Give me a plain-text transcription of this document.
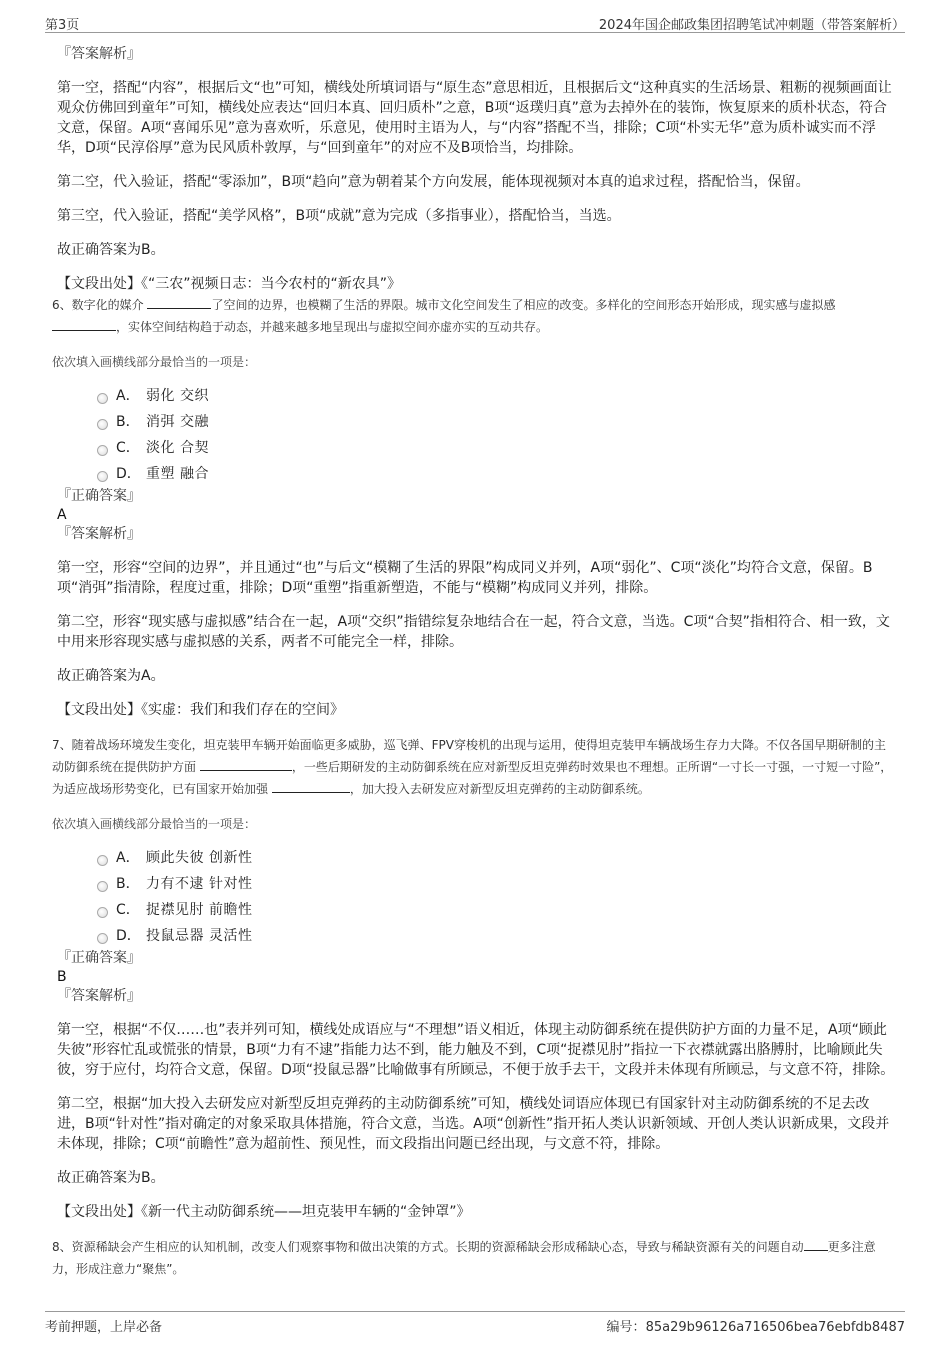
第3页	2024年国企邮政集团招聘笔试冲刺题（带答案解析）

『答案解析』

第一空，搭配“内容”，根据后文“也”可知，横线处所填词语与“原生态”意思相近，且根据后文“这种真实的生活场景、粗粝的视频画面让观众仿佛回到童年”可知，横线处应表达“回归本真、回归质朴”之意，B项“返璞归真”意为去掉外在的装饰，恢复原来的质朴状态，符合文意，保留。A项“喜闻乐见”意为喜欢听，乐意见，使用时主语为人，与“内容”搭配不当，排除；C项“朴实无华”意为质朴诚实而不浮华，D项“民淳俗厚”意为民风质朴敦厚，与“回到童年”的对应不及B项恰当，均排除。

第二空，代入验证，搭配“零添加”，B项“趋向”意为朝着某个方向发展，能体现视频对本真的追求过程，搭配恰当，保留。

第三空，代入验证，搭配“美学风格”，B项“成就”意为完成（多指事业），搭配恰当，当选。

故正确答案为B。

【文段出处】《“三农”视频日志：当今农村的“新农具”》

6、数字化的媒介	了空间的边界，也模糊了生活的界限。城市文化空间发生了相应的改变。多样化的空间形态开始形成，现实感与虚拟感 ，实体空间结构趋于动态，并越来越多地呈现出与虚拟空间亦虚亦实的互动共存。

依次填入画横线部分最恰当的一项是：

A． 弱化 交织
B． 消弭 交融
C． 淡化 合契
D． 重塑 融合

『正确答案』

A

『答案解析』

第一空，形容“空间的边界”，并且通过“也”与后文“模糊了生活的界限”构成同义并列，A项“弱化”、C项“淡化”均符合文意，保留。B项“消弭”指清除，程度过重，排除；D项“重塑”指重新塑造，不能与“模糊”构成同义并列，排除。

第二空，形容“现实感与虚拟感”结合在一起，A项“交织”指错综复杂地结合在一起，符合文意，当选。C项“合契”指相符合、相一致，文中用来形容现实感与虚拟感的关系，两者不可能完全一样，排除。

故正确答案为A。

【文段出处】《实虚：我们和我们存在的空间》

7、随着战场环境发生变化，坦克装甲车辆开始面临更多威胁，巡飞弹、FPV穿梭机的出现与运用，使得坦克装甲车辆战场生存力大降。不仅各国早期研制的主动防御系统在提供防护方面	，一些后期研发的主动防御系统在应对新型反坦克弹药时效果也不理想。正所谓“一寸长一寸强，一寸短一寸险”，为适应战场形势变化，已有国家开始加强	，加大投入去研发应对新型反坦克弹药的主动防御系统。

依次填入画横线部分最恰当的一项是：

A． 顾此失彼 创新性
B． 力有不逮 针对性
C． 捉襟见肘 前瞻性
D． 投鼠忌器 灵活性

『正确答案』

B

『答案解析』

第一空，根据“不仅……也”表并列可知，横线处成语应与“不理想”语义相近，体现主动防御系统在提供防护方面的力量不足，A项“顾此失彼”形容忙乱或慌张的情景，B项“力有不逮”指能力达不到，能力触及不到，C项“捉襟见肘”指拉一下衣襟就露出胳膊肘，比喻顾此失彼，穷于应付，均符合文意，保留。D项“投鼠忌器”比喻做事有所顾忌，不便于放手去干，文段并未体现有所顾忌，与文意不符，排除。

第二空，根据“加大投入去研发应对新型反坦克弹药的主动防御系统”可知，横线处词语应体现已有国家针对主动防御系统的不足去改进，B项“针对性”指对确定的对象采取具体措施，符合文意，当选。A项“创新性”指开拓人类认识新领域、开创人类认识新成果，文段并未体现，排除；C项“前瞻性”意为超前性、预见性，而文段指出问题已经出现，与文意不符，排除。

故正确答案为B。

【文段出处】《新一代主动防御系统——坦克装甲车辆的“金钟罩”》

8、资源稀缺会产生相应的认知机制，改变人们观察事物和做出决策的方式。长期的资源稀缺会形成稀缺心态，导致与稀缺资源有关的问题自动 更多注意力，形成注意力“聚焦”。

考前押题，上岸必备	编号：85a29b96126a716506bea76ebfdb8487
